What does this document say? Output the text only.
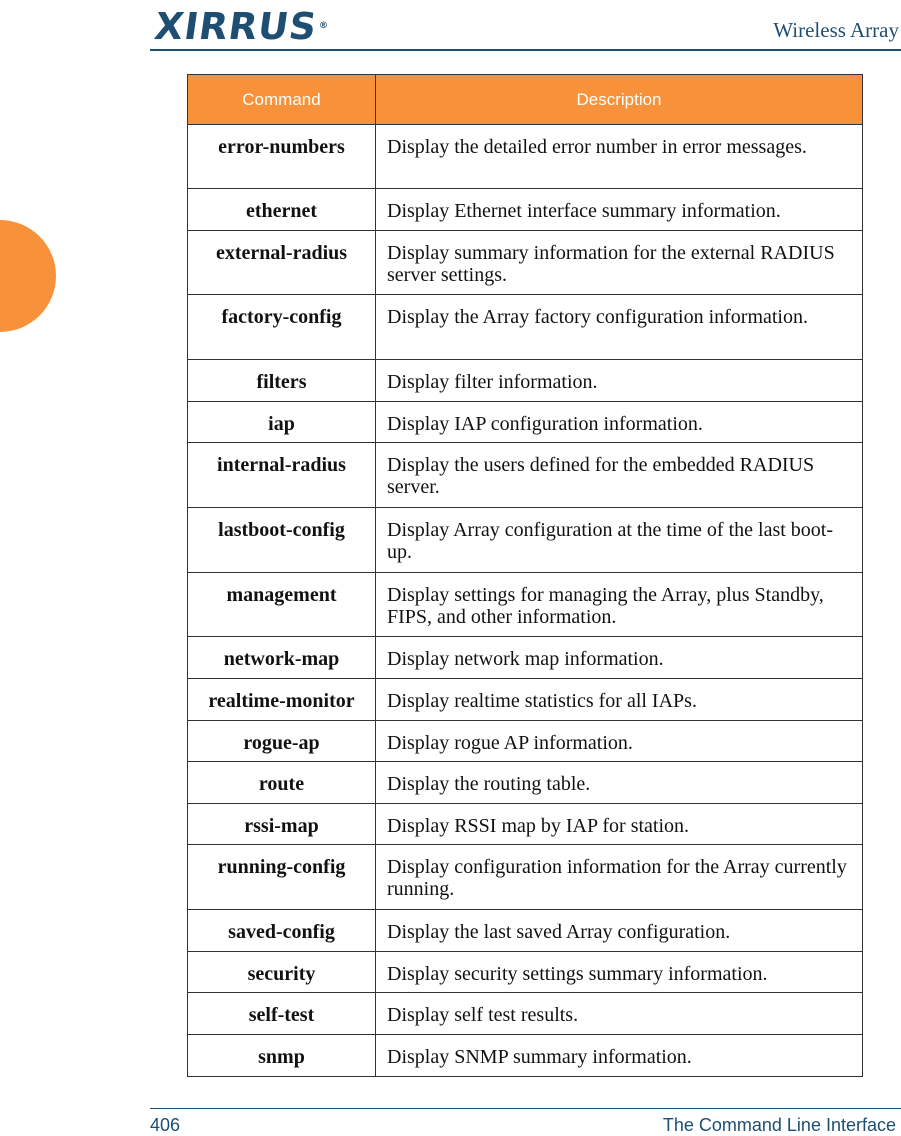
XIRRUS
®	Wireless Array
Command	Description
error-numbers	Display the detailed error number in error messages.
ethernet	Display Ethernet interface summary information.
external-radius	Display summary information for the external RADIUS server settings.
factory-config	Display the Array factory configuration information.
filters	Display filter information.
iap	Display IAP configuration information.
internal-radius	Display the users defined for the embedded RADIUS server.
lastboot-config	Display Array configuration at the time of the last boot-up.
management	Display settings for managing the Array, plus Standby, FIPS, and other information.
network-map	Display network map information.
realtime-monitor	Display realtime statistics for all IAPs.
rogue-ap	Display rogue AP information.
route	Display the routing table.
rssi-map	Display RSSI map by IAP for station.
running-config	Display configuration information for the Array currently running.
saved-config	Display the last saved Array configuration.
security	Display security settings summary information.
self-test	Display self test results.
snmp	Display SNMP summary information.
406	The Command Line Interface
